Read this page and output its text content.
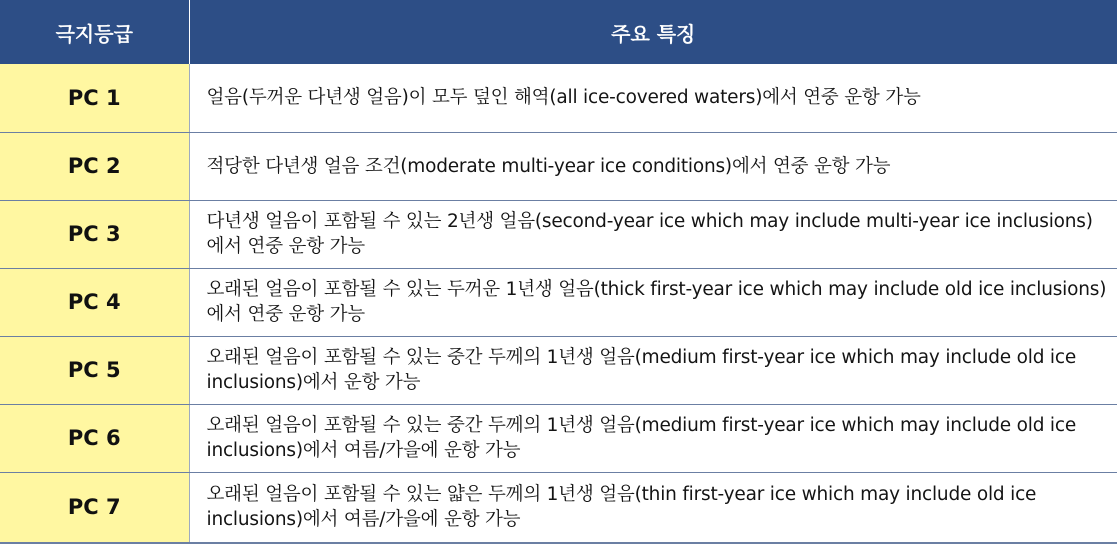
극지등급	주요 특징
PC 1	얼음(두꺼운 다년생 얼음)이 모두 덮인 해역(all ice-covered waters)에서 연중 운항 가능
PC 2	적당한 다년생 얼음 조건(moderate multi-year ice conditions)에서 연중 운항 가능
PC 3	다년생 얼음이 포함될 수 있는 2년생 얼음(second-year ice which may include multi-year ice inclusions)에서 연중 운항 가능
PC 4	오래된 얼음이 포함될 수 있는 두꺼운 1년생 얼음(thick first-year ice which may include old ice inclusions)에서 연중 운항 가능
PC 5	오래된 얼음이 포함될 수 있는 중간 두께의 1년생 얼음(medium first-year ice which may include old ice inclusions)에서 운항 가능
PC 6	오래된 얼음이 포함될 수 있는 중간 두께의 1년생 얼음(medium first-year ice which may include old ice inclusions)에서 여름/가을에 운항 가능
PC 7	오래된 얼음이 포함될 수 있는 얇은 두께의 1년생 얼음(thin first-year ice which may include old ice inclusions)에서 여름/가을에 운항 가능
